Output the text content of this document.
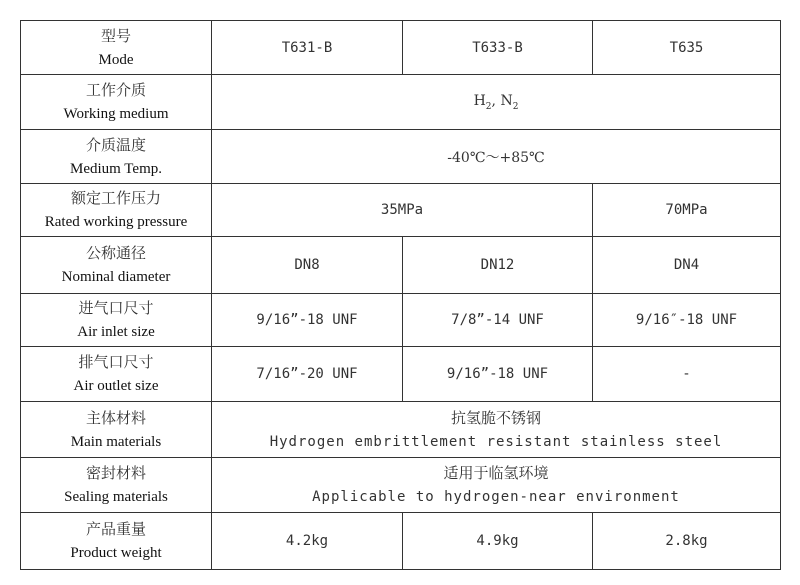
型号
Mode	T631-B	T633-B	T635

工作介质
Working medium	$H_2$, $N_2$

介质温度
Medium Temp.	-40℃～+85℃		

额定工作压力
Rated working pressure	35MPa		70MPa

公称通径
Nominal diameter	DN8	DN12	DN4

进气口尺寸
Air inlet size	9/16”-18 UNF	7/8”-14 UNF	9/16″-18 UNF

排气口尺寸
Air outlet size	7/16”-20 UNF	9/16”-18 UNF	-

主体材料
Main materials	抗氢脆不锈钢
Hydrogen embrittlement resistant stainless steel		

密封材料
Sealing materials	适用于临氢环境
Applicable to hydrogen-near environment		

产品重量
Product weight	4.2kg	4.9kg	2.8kg
